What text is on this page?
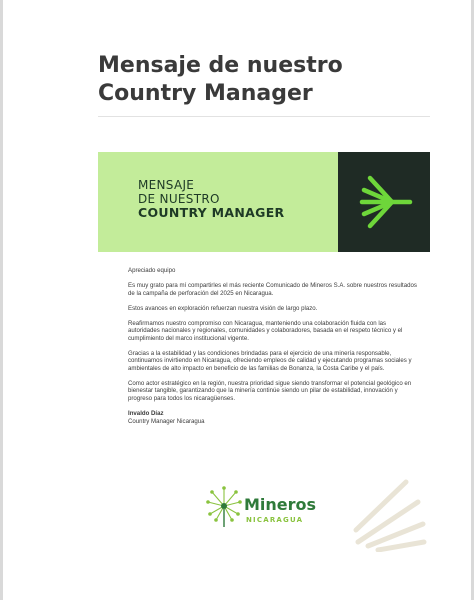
Mensaje de nuestro
Country Manager
MENSAJE
DE NUESTRO
COUNTRY MANAGER

Apreciado equipo

Es muy grato para mí compartirles el más reciente Comunicado de Mineros S.A. sobre nuestros resultados de la campaña de perforación del 2025 en Nicaragua.

Estos avances en exploración refuerzan nuestra visión de largo plazo.

Reafirmamos nuestro compromiso con Nicaragua, manteniendo una colaboración fluida con las autoridades nacionales y regionales, comunidades y colaboradores, basada en el respeto técnico y el cumplimiento del marco institucional vigente.

Gracias a la estabilidad y las condiciones brindadas para el ejercicio de una minería responsable, continuamos invirtiendo en Nicaragua, ofreciendo empleos de calidad y ejecutando programas sociales y ambientales de alto impacto en beneficio de las familias de Bonanza, la Costa Caribe y el país.

Como actor estratégico en la región, nuestra prioridad sigue siendo transformar el potencial geológico en bienestar tangible, garantizando que la minería continúe siendo un pilar de estabilidad, innovación y progreso para todos los nicaragüenses.

Invaldo Díaz
Country Manager Nicaragua
Mineros
NICARAGUA
